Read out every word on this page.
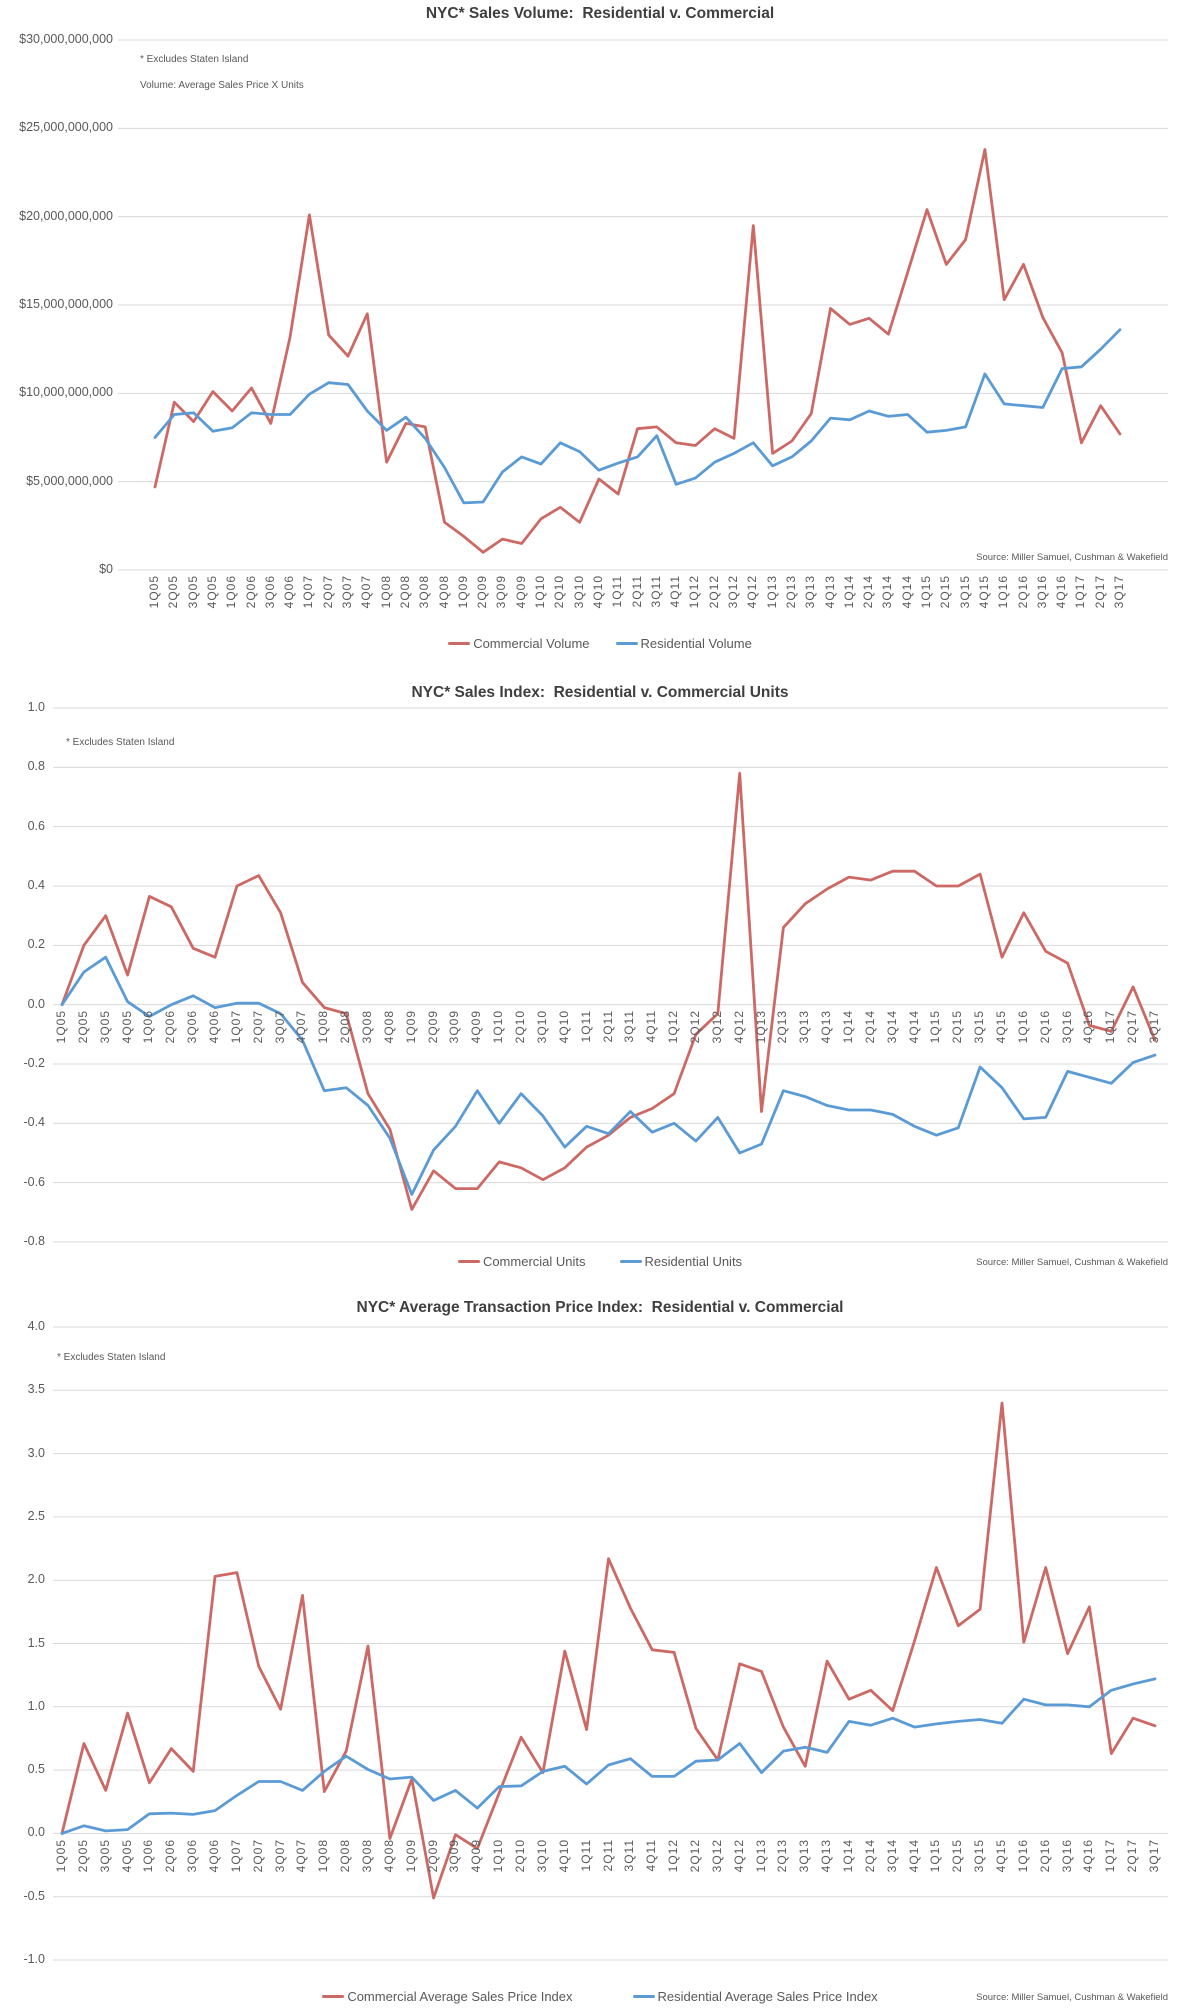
NYC* Sales Volume:  Residential v. Commercial
NYC* Sales Index:  Residential v. Commercial Units
NYC* Average Transaction Price Index:  Residential v. Commercial
Source: Miller Samuel, Cushman & Wakefield
Source: Miller Samuel, Cushman & Wakefield
Source: Miller Samuel, Cushman & Wakefield
$30,000,000,000
$25,000,000,000
$20,000,000,000
$15,000,000,000
$10,000,000,000
$5,000,000,000
$0
1Q05 2Q05 3Q05 4Q05 1Q06 2Q06 3Q06 4Q06 1Q07 2Q07 3Q07 4Q07 1Q08 2Q08 3Q08 4Q08 1Q09 2Q09 3Q09 4Q09 1Q10 2Q10 3Q10 4Q10 1Q11 2Q11 3Q11 4Q11 1Q12 2Q12 3Q12 4Q12 1Q13 2Q13 3Q13 4Q13 1Q14 2Q14 3Q14 4Q14 1Q15 2Q15 3Q15 4Q15 1Q16 2Q16 3Q16 4Q16 1Q17 2Q17 3Q17
* Excludes Staten Island
Volume: Average Sales Price X Units
1.0
0.8
0.6
0.4
0.2
0.0
-0.2
-0.4
-0.6
-0.8
1Q05 2Q05 3Q05 4Q05 1Q06 2Q06 3Q06 4Q06 1Q07 2Q07 3Q07 4Q07 1Q08 2Q08 3Q08 4Q08 1Q09 2Q09 3Q09 4Q09 1Q10 2Q10 3Q10 4Q10 1Q11 2Q11 3Q11 4Q11 1Q12 2Q12 3Q12 4Q12 1Q13 2Q13 3Q13 4Q13 1Q14 2Q14 3Q14 4Q14 1Q15 2Q15 3Q15 4Q15 1Q16 2Q16 3Q16 4Q16 1Q17 2Q17 3Q17
* Excludes Staten Island
4.0
3.5
3.0
2.5
2.0
1.5
1.0
0.5
0.0
-0.5
-1.0
1Q05 2Q05 3Q05 4Q05 1Q06 2Q06 3Q06 4Q06 1Q07 2Q07 3Q07 4Q07 1Q08 2Q08 3Q08 4Q08 1Q09 2Q09 3Q09 4Q09 1Q10 2Q10 3Q10 4Q10 1Q11 2Q11 3Q11 4Q11 1Q12 2Q12 3Q12 4Q12 1Q13 2Q13 3Q13 4Q13 1Q14 2Q14 3Q14 4Q14 1Q15 2Q15 3Q15 4Q15 1Q16 2Q16 3Q16 4Q16 1Q17 2Q17 3Q17
* Excludes Staten Island
Commercial Volume	Residential Volume
Commercial Units	Residential Units
Commercial Average Sales Price Index	Residential Average Sales Price Index
